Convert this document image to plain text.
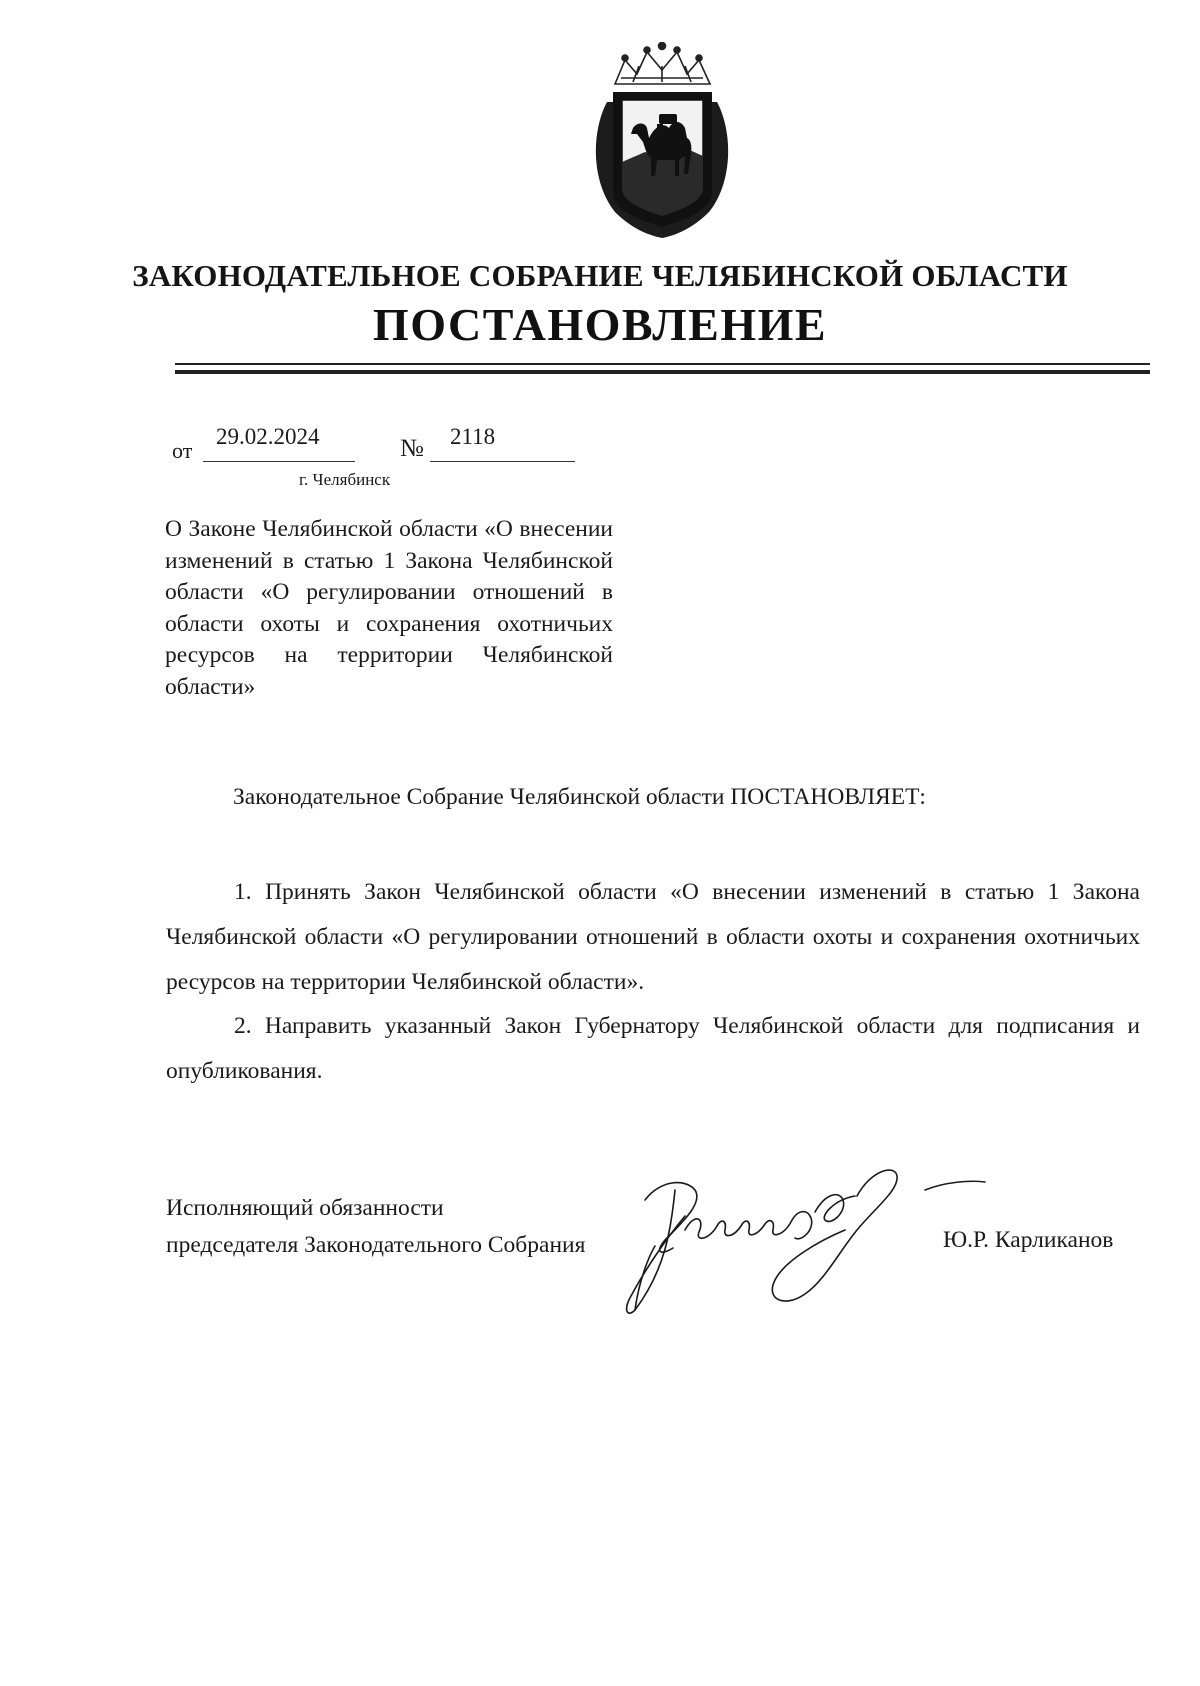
ЗАКОНОДАТЕЛЬНОЕ СОБРАНИЕ ЧЕЛЯБИНСКОЙ ОБЛАСТИ
ПОСТАНОВЛЕНИЕ
от
29.02.2024	№ 2118
г. Челябинск
О Законе Челябинской области «О внесении изменений в статью 1 Закона Челябинской области «О регулировании отношений в области охоты и сохранения охотничьих ресурсов на территории Челябинской области»
Законодательное Собрание Челябинской области ПОСТАНОВЛЯЕТ:
1. Принять Закон Челябинской области «О внесении изменений в статью 1 Закона Челябинской области «О регулировании отношений в области охоты и сохранения охотничьих ресурсов на территории Челябинской области».
2. Направить указанный Закон Губернатору Челябинской области для подписания и опубликования.
Исполняющий обязанности
председателя Законодательного Собрания	Ю.Р. Карликанов
